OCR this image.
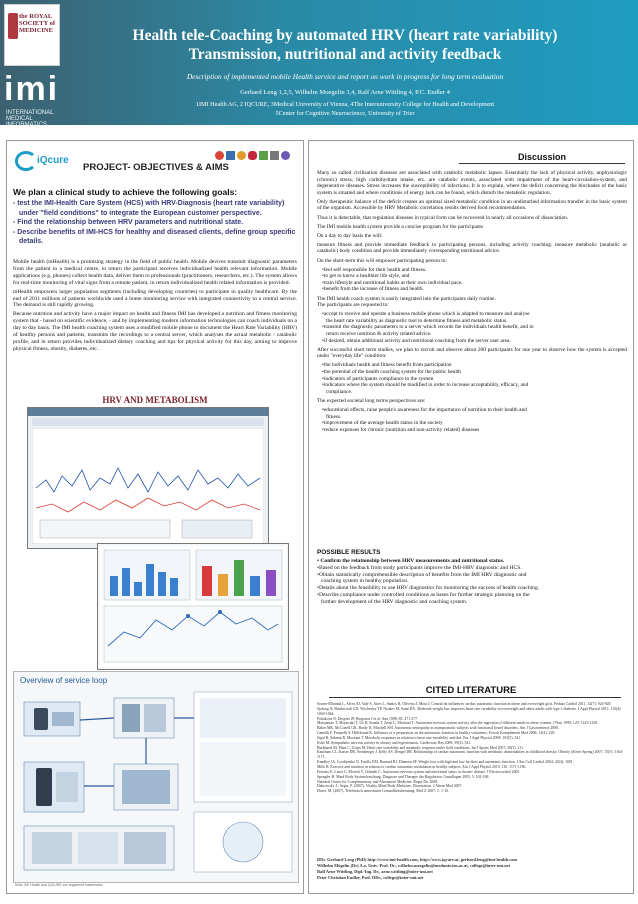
the ROYAL SOCIETY of MEDICINE
imi
INTERNATIONAL MEDICAL INFORMATICS
Health tele-Coaching by automated HRV (heart rate variability)
Transmission, nutritional and activity feedback
Description of implemented mobile Health service and report on work in progress for long term evaluation
Gerhard Leng 1,2,5, Wilhelm Moegelin 3,4, Ralf Arne Wittling 4, P.C. Endler 4
1IMI Health AG, 2 IQCURE, 3Medical University of Vienna, 4The Interuniversity College for Health and Development
5Center for Cognitive Neuroscience, University of Trier
iQcure
PROJECT- OBJECTIVES & AIMS
We plan a clinical study to achieve the following goals:
- test the IMI-Health Care System (HCS) with HRV-Diagnosis (heart rate variability)
under "field conditions" to integrate the European customer perspective.
- Find the relationship between HRV parameters and nutritional state.
- Describe benefits of IMI-HCS for healthy and diseased clients, define group specific
details.

Mobile health (mHealth) is a promising strategy in the field of public health. Mobile devices transmit diagnostic parameters from the patient to a medical centre, in return the participant receives individualized health relevant information. Mobile applications (e.g. phones) collect health data, deliver them to professionals (practitioners, researchers, etc.). The system allows for real-time monitoring of vital signs from a remote patient, in return individualized health related information is provided.

mHealth empowers larger population segments (including developing countries) to participate in quality healthcare. By the end of 2011 millions of patients worldwide used a home monitoring service with integrated connectivity to a central service. The demand is still rapidly growing.

Because nutrition and activity have a major impact on health and fitness IMI has developed a nutrition and fitness monitoring system that - based on scientific evidence, - and by implementing modern information technologies can coach individuals on a day to day basis. The IMI health coaching system uses a modified mobile phone to document the Heart Rate Variability (HRV) of healthy persons and patients, transmits the recordings to a central server, which analyses the actual metabolic / catabolic profile, and in return provides individualized dietary coaching and tips for physical activity for this day, aiming to improve physical fitness, obesity, diabetes, etc. .

HRV AND METABOLISM
Overview of service loop
Note: IMI Health and IQCURE are registered trademarks
Discussion

Many so called civilisation diseases are associated with catabolic metabolic lapses. Essentially the lack of physical activity, unphysiologic (chronic) stress, high carbohydrate intake, etc. are catabolic events, associated with impairment of the heart-circulation-system, and degenerative diseases. Stress increases the susceptibility of infections. It is to explain, where the deficit concerning the blockades of the basic system is situated and where conditions of energy lack can be found, which disturb the metabolic regulation.

Only therapeutic balance of the deficit creates an optimal sized metabolic condition in an undisturbed information transfer in the basic system of the organism. Accessible by HRV Metabolic correlation results derived food recommendation.

Thus it is detectable, that regulation diseases in typical form can be recovered in nearly all occasions of dissociation.

The IMI mobile health system provide a concise program for the participants

On a day to day basis the will:

measure fitness and provide immediate feedback to participating persons, including activity coaching. measure metabolic (anabolic or catabolic) body condition and provide immediately corresponding nutritional advice.

On the short-term this will empower participating person to:

•feel self responsible for their health and fitness.
•to get to know a healthier life style, and
•train lifestyle and nutritional habits at their own individual pace.
•benefit from the increase of fitness and health.

The IMI health coach system is easily integrated into the participants daily routine.

The participants are requested to:

•accept to receive and operate a business mobile phone which is adapted to measure and analyse
the heart rate variability as diagnostic tool to determine fitness and metabolic status.
•transmit the diagnostic parameters to a server which records the individuals health benefit, and in
return receive nutrition & activity related advice.
•if desired, obtain additional activity and nutritional coaching from the server user area.

After successful short term studies, we plan to recruit and observe about 200 participants for one year to observe how the system is accepted under "everyday life" condition:

•the individuals health and fitness benefit from participation
•the potential of the health coaching system for the public health
•indicators of participants compliance to the system
•indicators where the system should be modified in order to increase acceptability, efficacy, and
compliance.

The expected societal long terms perspectives are:

•educational effects, raise people's awareness for the importance of nutrition to their health and
fitness.
•improvement of the average health status in the society
•reduce expenses for chronic (nutrition and non-activity related) diseases
POSSIBLE RESULTS
• Confirm the relationship between HRV measurements and nutritional status.
•Based on the feedback from study participants improve the IMI-HRV diagnostic and HCS.
•Obtain statistically comprehensible description of benefits from the IMI HRV diagnostic and
coaching system in healthy population.
•Details about the feasibility to use HRV diagnostics for monitoring the success of health coaching.
•Describe compliance under controlled conditions as bases for further strategic planning on the
further development of the HRV diagnostic and coaching system.
CITED LITERATURE
Soares-Miranda L, Alves AJ, Vale S, Aires L, Santos R, Oliveira J, Mota J. Central fat influences cardiac autonomic function in obese and overweight girls. Pediatr Cardiol 2011; 32(7): 924-928.
Sjoberg N, Brinkworth GD, Wycherley TP, Noakes M, Saint DA. Moderate weight loss improves heart rate variability in overweight and obese adults with type 2 diabetes. J Appl Physiol 2011; 110(4): 1060-1064.
Poliakova N, Despres JP, Bergeron J et al. Ann 1998; 83: 271-277.
Matsumoto T, Miyawaki T, Ue H, Kanda T, Zenji C, Moritani T. Autonomic nervous system activity after the ingestion of different meals in obese women. J Nutr 1999; 129: 1223-1230.
Baker MK, McConell GK, Brady K, Mitchell SM. Autonomic neuropathy in asymptomatic subjects with functional bowel disorders. Am J Gastroenterol 2008.
Gemelli F, Frasnelli S, Hillebrand K. Influence of a preparation on the autonomic function in healthy volunteers. Forsch Komplement Med 2006; 13(4): 228.
Sigal R, Sakami R, Moritani T. Metabolic responses in relation to heart rate variability and diet. Eur J Appl Physiol 2008; 103(5): 541.
Esler M. Sympathetic nervous activity in obesity and hypertension. Cardiovasc Res 2009; 59(3): 541.
Burkhardt M, Plant C, Gitjes M. Heart rate variability and metabolic response under field conditions. Int J Sports Med 2007; 28(3): 211.
Kaufman CL, Kaiser DR, Steinberger J, Kelly AS, Dengel DR. Relationship of cardiac autonomic function with metabolic abnormalities in childhood obesity. Obesity (Silver Spring) 2007; 15(5): 1164-1171.
Knadley JA, Gordiyenko N, Fusillo EM, Barnard RJ, Dinneen SF. Weight loss with high and low fat diets and autonomic function. J Am Coll Cardiol 2004; 43(4): 1001.
Mills B. Exercise and nutrition in relation to cardiac autonomic modulation in healthy subjects. Eur J Appl Physiol 2010; 110: 1171-1180.
Ferrario E, Lenzi C, Moretti V, Orlando C. Autonomic nervous system and nutritional status in chronic disease. J Electrocardiol 2005.
Spengler H. Mind Body Systemforschung. Diagnose und Therapie der Regulation. Grundlagen 2005; 5: 162-168.
National Center for Complementary and Alternative Medicine. Regul Dir 2008.
Dabrowski, J., Seger, P. (2007). Vitality Mind Body Medicine. Dissertation. J Altern Med 2007.
Hoser, M. (2007). Telefonisch unterstützte Gesundheitsberatung. Med Z 2007; 1: 1-10.
DDr. Gerhard Leng (PhD) http://www.imi-health.com, http://www.iqcure.at, gerhard.leng@imi-health.com
Wilhelm Mögelin (Dr) A.o. Univ.-Prof. Dr., wilhelm.moegelin@meduniwien.ac.at, college@inter-uni.net
Ralf Arne Wittling, Dipl.-Ing. Dr., arne.wittling@inter-uni.net
Peter Christian Endler, Prof. DDr., college@inter-uni.net
